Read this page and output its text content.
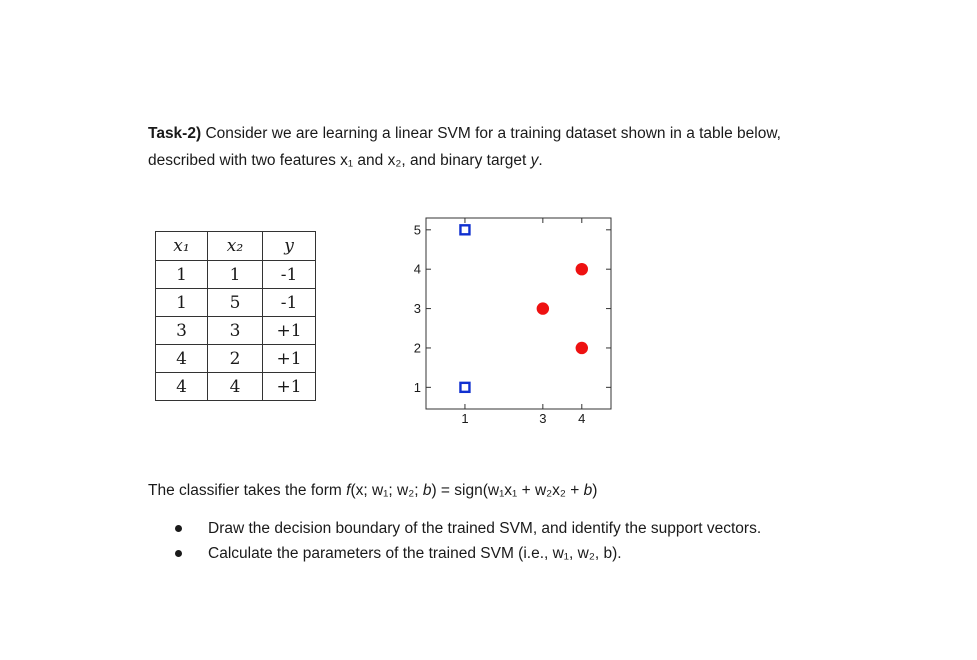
Task-2) Consider we are learning a linear SVM for a training dataset shown in a table below,
described with two features x₁ and x₂, and binary target y.
x₁	x₂	y
1	1	-1
1	5	-1
3	3	+1
4	2	+1
4	4	+1	1
2
3
4
5
1	3 4
The classifier takes the form f(x; w₁; w₂; b) = sign(w₁x₁ + w₂x₂ + b)
Draw the decision boundary of the trained SVM, and identify the support vectors.
Calculate the parameters of the trained SVM (i.e., w₁, w₂, b).
